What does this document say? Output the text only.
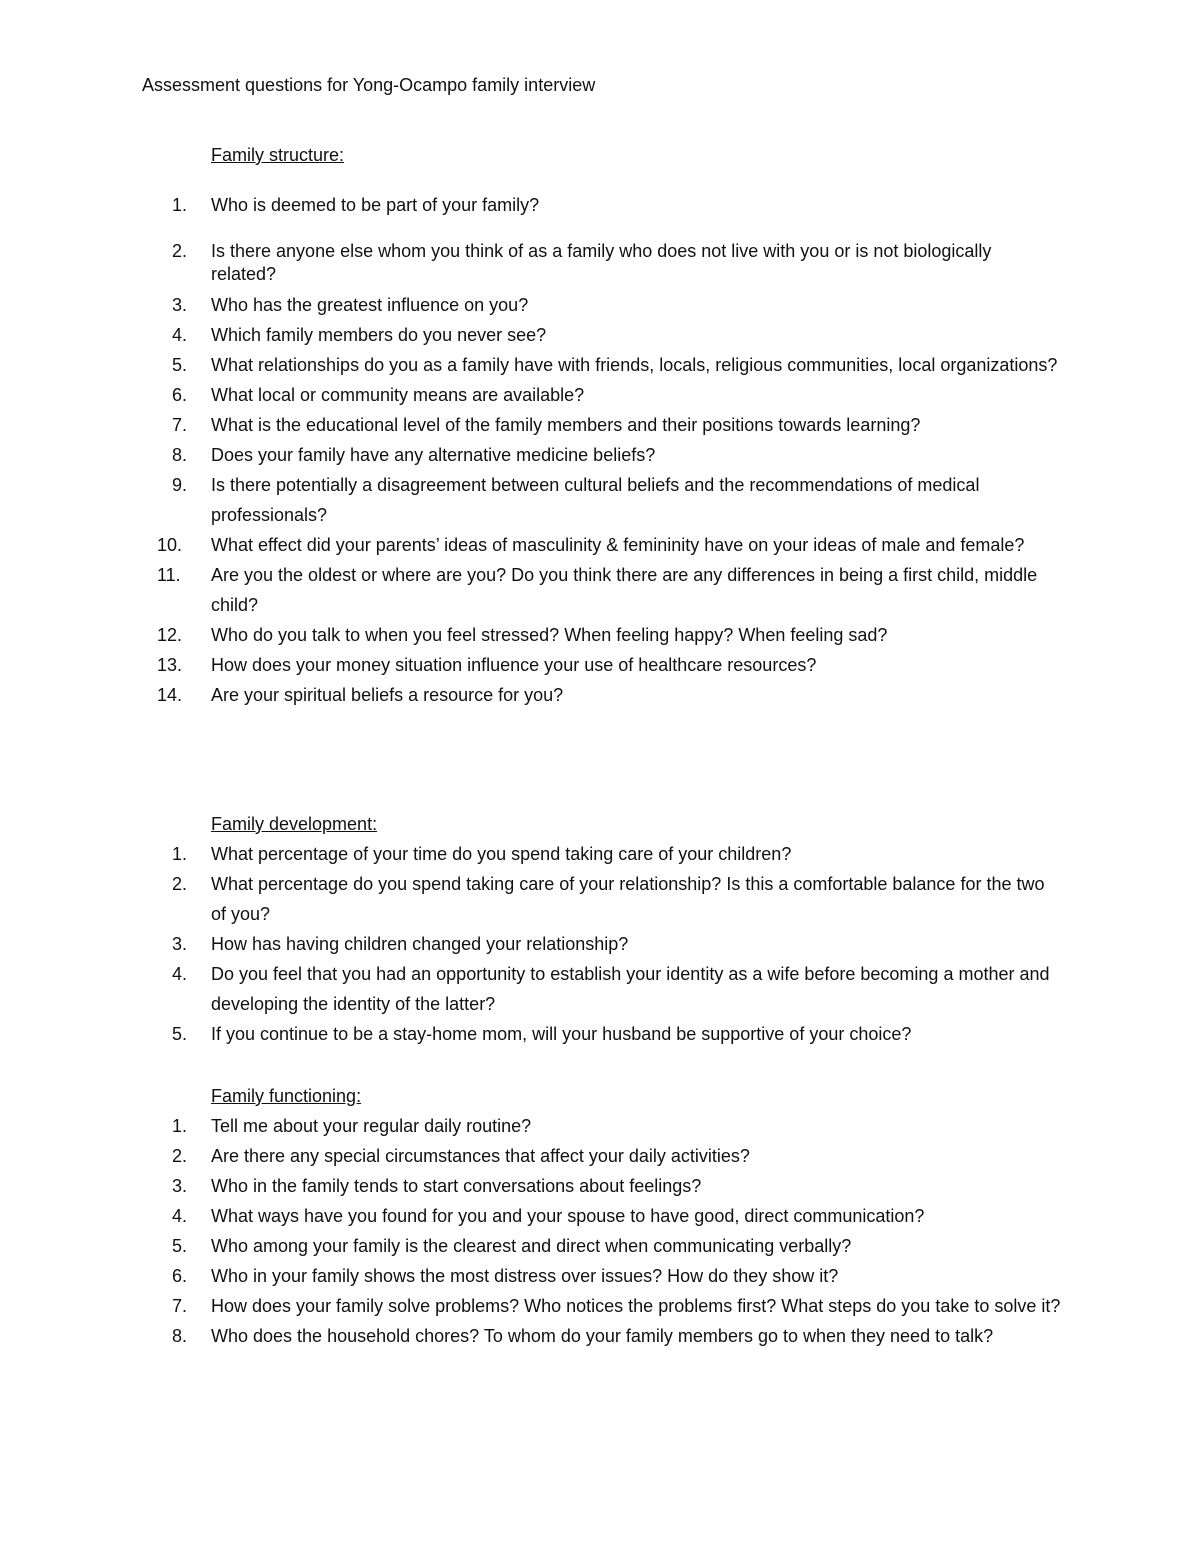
Assessment questions for Yong-Ocampo family interview
Family structure:
1.	Who is deemed to be part of your family?
2.	Is there anyone else whom you think of as a family who does not live with you or is not biologically related?
3.	Who has the greatest influence on you?
4.	Which family members do you never see?
5.	What relationships do you as a family have with friends, locals, religious communities, local organizations?
6.	What local or community means are available?
7.	What is the educational level of the family members and their positions towards learning?
8.	Does your family have any alternative medicine beliefs?
9.	Is there potentially a disagreement between cultural beliefs and the recommendations of medical professionals?
10.	What effect did your parents’ ideas of masculinity & femininity have on your ideas of male and female?
11.	Are you the oldest or where are you? Do you think there are any differences in being a first child, middle child?
12.	Who do you talk to when you feel stressed? When feeling happy? When feeling sad?
13.	How does your money situation influence your use of healthcare resources?
14.	Are your spiritual beliefs a resource for you?
Family development:
1.	What percentage of your time do you spend taking care of your children?
2.	What percentage do you spend taking care of your relationship? Is this a comfortable balance for the two of you?
3.	How has having children changed your relationship?
4.	Do you feel that you had an opportunity to establish your identity as a wife before becoming a mother and developing the identity of the latter?
5.	If you continue to be a stay-home mom, will your husband be supportive of your choice?
Family functioning:
1.	Tell me about your regular daily routine?
2.	Are there any special circumstances that affect your daily activities?
3.	Who in the family tends to start conversations about feelings?
4.	What ways have you found for you and your spouse to have good, direct communication?
5.	Who among your family is the clearest and direct when communicating verbally?
6.	Who in your family shows the most distress over issues? How do they show it?
7.	How does your family solve problems? Who notices the problems first? What steps do you take to solve it?
8.	Who does the household chores? To whom do your family members go to when they need to talk?
